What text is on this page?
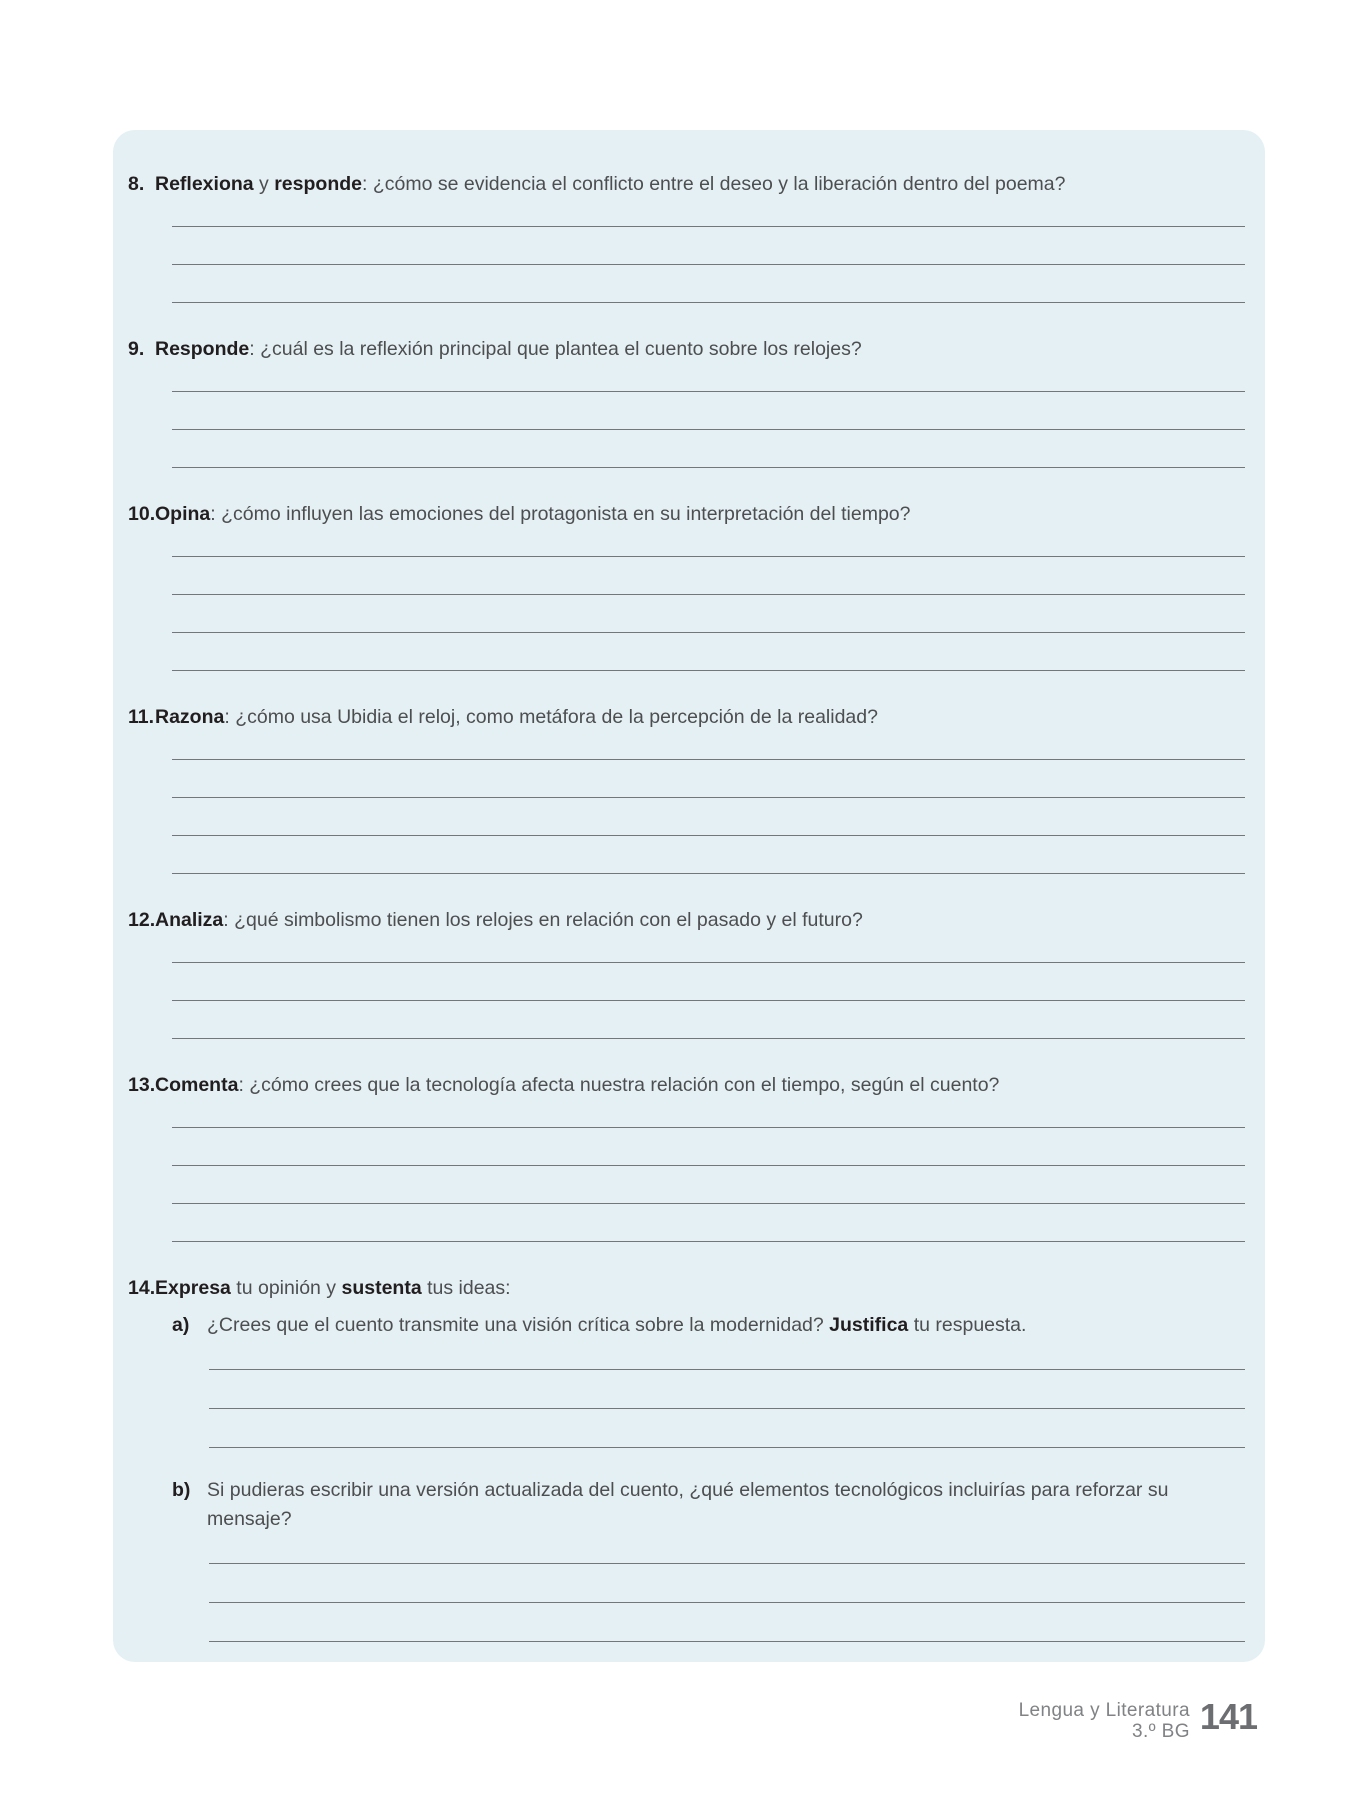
8. Reflexiona y responde: ¿cómo se evidencia el conflicto entre el deseo y la liberación dentro del poema?
9. Responde: ¿cuál es la reflexión principal que plantea el cuento sobre los relojes?
10. Opina: ¿cómo influyen las emociones del protagonista en su interpretación del tiempo?
11. Razona: ¿cómo usa Ubidia el reloj, como metáfora de la percepción de la realidad?
12. Analiza: ¿qué simbolismo tienen los relojes en relación con el pasado y el futuro?
13. Comenta: ¿cómo crees que la tecnología afecta nuestra relación con el tiempo, según el cuento?
14. Expresa tu opinión y sustenta tus ideas:
a) ¿Crees que el cuento transmite una visión crítica sobre la modernidad? Justifica tu respuesta.
b) Si pudieras escribir una versión actualizada del cuento, ¿qué elementos tecnológicos incluirías para reforzar su mensaje?
Lengua y Literatura
3.º BG 141
